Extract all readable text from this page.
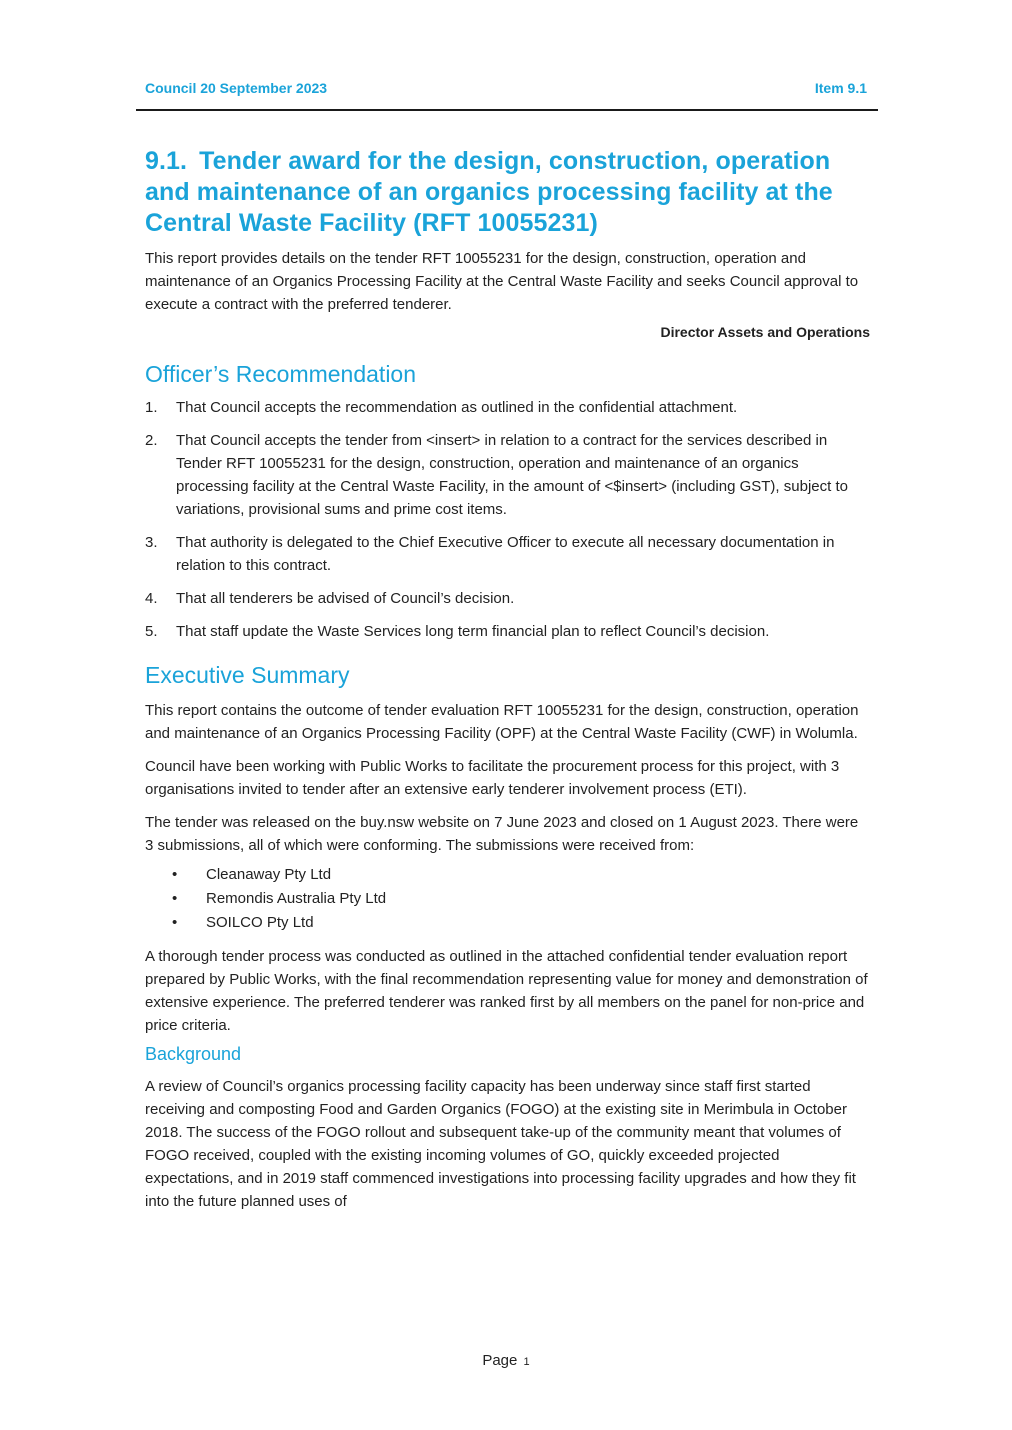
Council 20 September 2023	Item 9.1
9.1. Tender award for the design, construction, operation and maintenance of an organics processing facility at the Central Waste Facility (RFT 10055231)

This report provides details on the tender RFT 10055231 for the design, construction, operation and maintenance of an Organics Processing Facility at the Central Waste Facility and seeks Council approval to execute a contract with the preferred tenderer.

Director Assets and Operations
Officer’s Recommendation
1.	That Council accepts the recommendation as outlined in the confidential attachment.
2.	That Council accepts the tender from <insert> in relation to a contract for the services described in Tender RFT 10055231 for the design, construction, operation and maintenance of an organics processing facility at the Central Waste Facility, in the amount of <$insert> (including GST), subject to variations, provisional sums and prime cost items.
3.	That authority is delegated to the Chief Executive Officer to execute all necessary documentation in relation to this contract.
4.	That all tenderers be advised of Council’s decision.
5.	That staff update the Waste Services long term financial plan to reflect Council’s decision.
Executive Summary

This report contains the outcome of tender evaluation RFT 10055231 for the design, construction, operation and maintenance of an Organics Processing Facility (OPF) at the Central Waste Facility (CWF) in Wolumla.

Council have been working with Public Works to facilitate the procurement process for this project, with 3 organisations invited to tender after an extensive early tenderer involvement process (ETI).

The tender was released on the buy.nsw website on 7 June 2023 and closed on 1 August 2023. There were 3 submissions, all of which were conforming. The submissions were received from:

•	Cleanaway Pty Ltd
•	Remondis Australia Pty Ltd
•	SOILCO Pty Ltd

A thorough tender process was conducted as outlined in the attached confidential tender evaluation report prepared by Public Works, with the final recommendation representing value for money and demonstration of extensive experience. The preferred tenderer was ranked first by all members on the panel for non-price and price criteria.

Background

A review of Council’s organics processing facility capacity has been underway since staff first started receiving and composting Food and Garden Organics (FOGO) at the existing site in Merimbula in October 2018. The success of the FOGO rollout and subsequent take-up of the community meant that volumes of FOGO received, coupled with the existing incoming volumes of GO, quickly exceeded projected expectations, and in 2019 staff commenced investigations into processing facility upgrades and how they fit into the future planned uses of

Page 1
